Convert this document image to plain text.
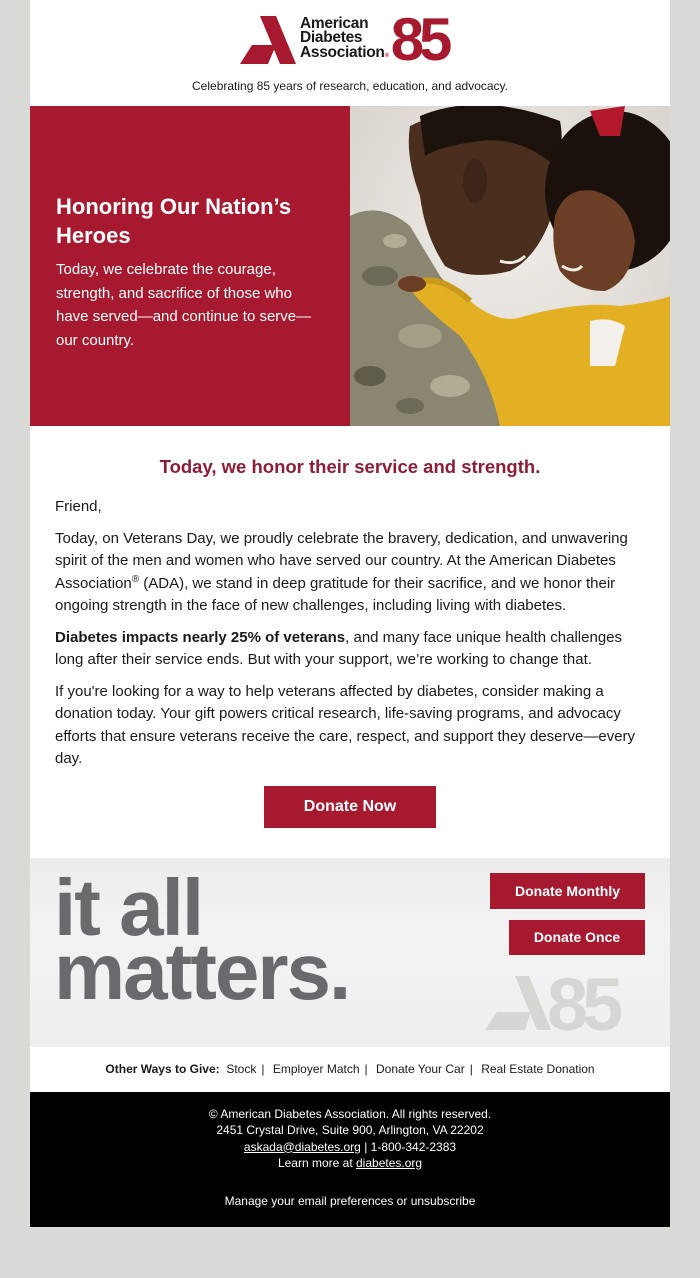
American
Diabetes
Association® 85
Celebrating 85 years of research, education, and advocacy.
Honoring Our Nation’s Heroes
Today, we celebrate the courage, strength, and sacrifice of those who have served—and continue to serve—our country.
Today, we honor their service and strength.

Friend,

Today, on Veterans Day, we proudly celebrate the bravery, dedication, and unwavering spirit of the men and women who have served our country. At the American Diabetes Association® (ADA), we stand in deep gratitude for their sacrifice, and we honor their ongoing strength in the face of new challenges, including living with diabetes.

Diabetes impacts nearly 25% of veterans, and many face unique health challenges long after their service ends. But with your support, we’re working to change that.

If you're looking for a way to help veterans affected by diabetes, consider making a donation today. Your gift powers critical research, life-saving programs, and advocacy efforts that ensure veterans receive the care, respect, and support they deserve—every day.

Donate Now
it all
matters.
Donate Monthly
Donate Once
85
Other Ways to Give: Stock | Employer Match | Donate Your Car | Real Estate Donation
© American Diabetes Association. All rights reserved.
2451 Crystal Drive, Suite 900, Arlington, VA 22202
askada@diabetes.org | 1-800-342-2383
Learn more at diabetes.org
Manage your email preferences or unsubscribe
